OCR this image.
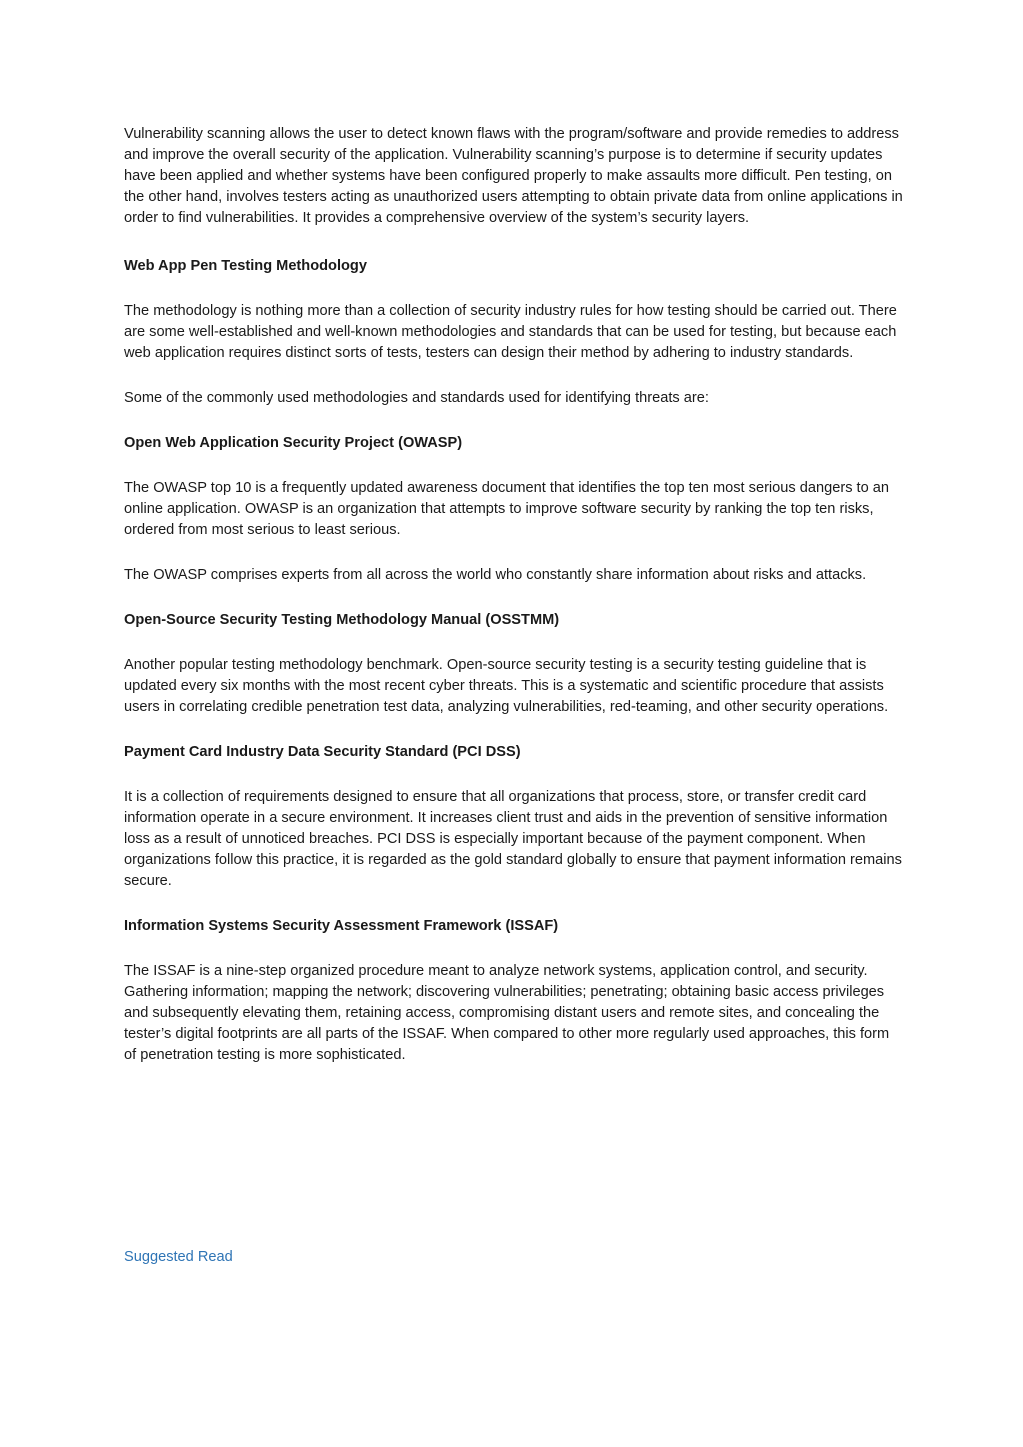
Vulnerability scanning allows the user to detect known flaws with the program/software and provide remedies to address and improve the overall security of the application. Vulnerability scanning’s purpose is to determine if security updates have been applied and whether systems have been configured properly to make assaults more difficult. Pen testing, on the other hand, involves testers acting as unauthorized users attempting to obtain private data from online applications in order to find vulnerabilities. It provides a comprehensive overview of the system’s security layers.

Web App Pen Testing Methodology

The methodology is nothing more than a collection of security industry rules for how testing should be carried out. There are some well-established and well-known methodologies and standards that can be used for testing, but because each web application requires distinct sorts of tests, testers can design their method by adhering to industry standards.

Some of the commonly used methodologies and standards used for identifying threats are:

Open Web Application Security Project (OWASP)

The OWASP top 10 is a frequently updated awareness document that identifies the top ten most serious dangers to an online application. OWASP is an organization that attempts to improve software security by ranking the top ten risks, ordered from most serious to least serious.

The OWASP comprises experts from all across the world who constantly share information about risks and attacks.

Open-Source Security Testing Methodology Manual (OSSTMM)

Another popular testing methodology benchmark. Open-source security testing is a security testing guideline that is updated every six months with the most recent cyber threats. This is a systematic and scientific procedure that assists users in correlating credible penetration test data, analyzing vulnerabilities, red-teaming, and other security operations.

Payment Card Industry Data Security Standard (PCI DSS)

It is a collection of requirements designed to ensure that all organizations that process, store, or transfer credit card information operate in a secure environment. It increases client trust and aids in the prevention of sensitive information loss as a result of unnoticed breaches. PCI DSS is especially important because of the payment component. When organizations follow this practice, it is regarded as the gold standard globally to ensure that payment information remains secure.

Information Systems Security Assessment Framework (ISSAF)

The ISSAF is a nine-step organized procedure meant to analyze network systems, application control, and security. Gathering information; mapping the network; discovering vulnerabilities; penetrating; obtaining basic access privileges and subsequently elevating them, retaining access, compromising distant users and remote sites, and concealing the tester’s digital footprints are all parts of the ISSAF. When compared to other more regularly used approaches, this form of penetration testing is more sophisticated.

Suggested Read
